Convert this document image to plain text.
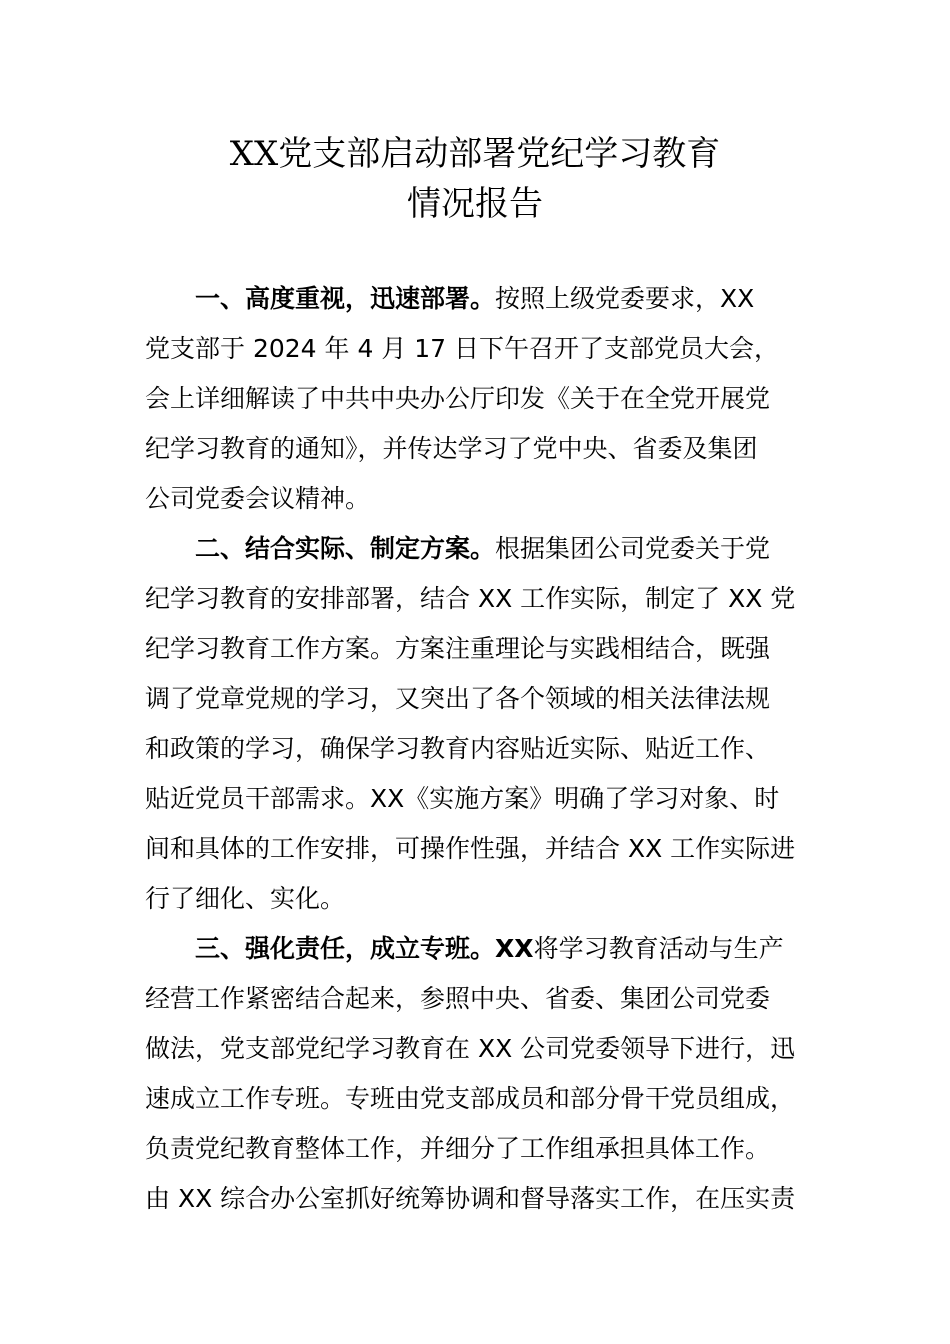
XX党支部启动部署党纪学习教育
情况报告
一、高度重视，迅速部署。按照上级党委要求，XX
党支部于 2024 年 4 月 17 日下午召开了支部党员大会，
会上详细解读了中共中央办公厅印发《关于在全党开展党
纪学习教育的通知》，并传达学习了党中央、省委及集团
公司党委会议精神。
二、结合实际、制定方案。根据集团公司党委关于党
纪学习教育的安排部署，结合 XX 工作实际，制定了 XX 党
纪学习教育工作方案。方案注重理论与实践相结合，既强
调了党章党规的学习，又突出了各个领域的相关法律法规
和政策的学习，确保学习教育内容贴近实际、贴近工作、
贴近党员干部需求。XX《实施方案》明确了学习对象、时
间和具体的工作安排，可操作性强，并结合 XX 工作实际进
行了细化、实化。
三、强化责任，成立专班。XX将学习教育活动与生产
经营工作紧密结合起来，参照中央、省委、集团公司党委
做法，党支部党纪学习教育在 XX 公司党委领导下进行，迅
速成立工作专班。专班由党支部成员和部分骨干党员组成，
负责党纪教育整体工作，并细分了工作组承担具体工作。
由 XX 综合办公室抓好统筹协调和督导落实工作，在压实责
